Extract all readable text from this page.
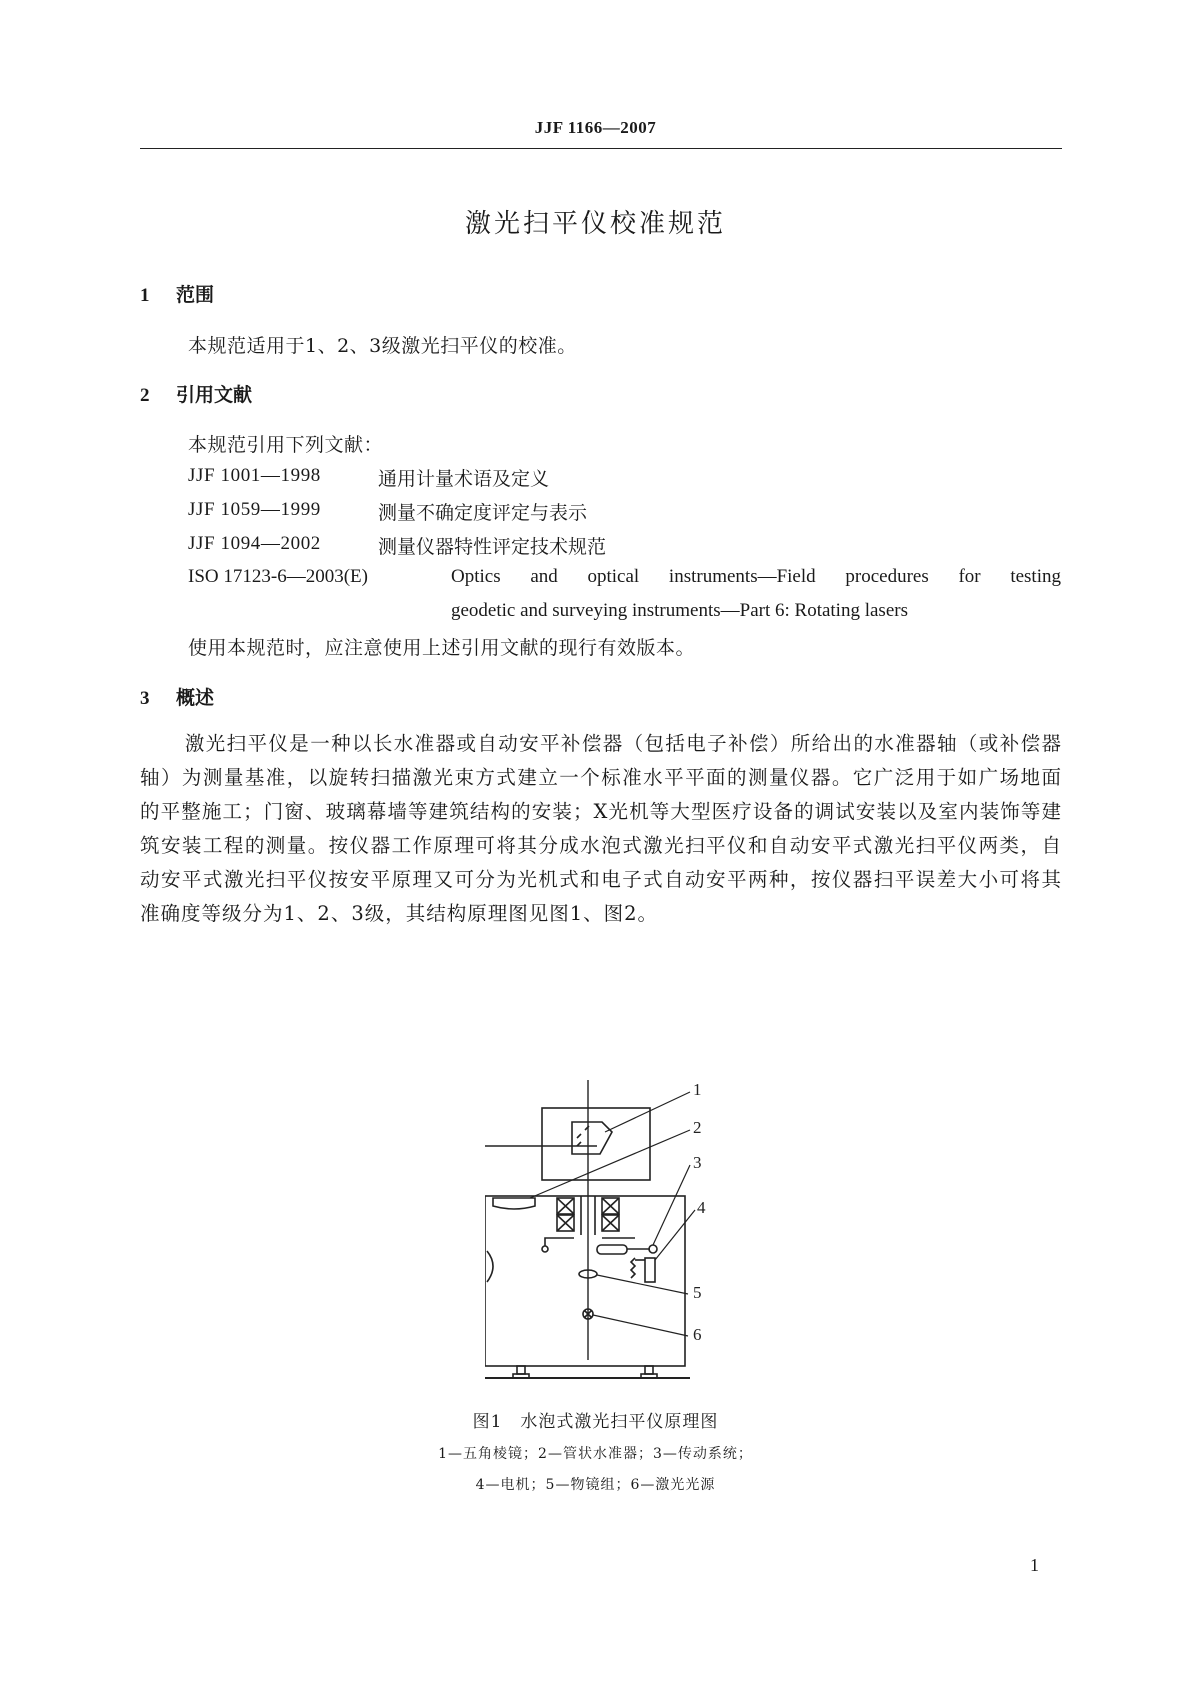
JJF 1166—2007
激光扫平仪校准规范
1 范围
本规范适用于1、2、3级激光扫平仪的校准。
2 引用文献
本规范引用下列文献：
JJF 1001—1998	通用计量术语及定义
JJF 1059—1999	测量不确定度评定与表示
JJF 1094—2002	测量仪器特性评定技术规范
ISO 17123-6—2003(E)	Optics and optical instruments—Field procedures for testing
geodetic and surveying instruments—Part 6: Rotating lasers
使用本规范时，应注意使用上述引用文献的现行有效版本。
3 概述

激光扫平仪是一种以长水准器或自动安平补偿器（包括电子补偿）所给出的水准器轴（或补偿器轴）为测量基准，以旋转扫描激光束方式建立一个标准水平平面的测量仪器。它广泛用于如广场地面的平整施工；门窗、玻璃幕墙等建筑结构的安装；X光机等大型医疗设备的调试安装以及室内装饰等建筑安装工程的测量。按仪器工作原理可将其分成水泡式激光扫平仪和自动安平式激光扫平仪两类，自动安平式激光扫平仪按安平原理又可分为光机式和电子式自动安平两种，按仪器扫平误差大小可将其准确度等级分为1、2、3级，其结构原理图见图1、图2。

1
2
3
4
5
6
图1　水泡式激光扫平仪原理图
1—五角棱镜；2—管状水准器；3—传动系统；
4—电机；5—物镜组；6—激光光源
1
